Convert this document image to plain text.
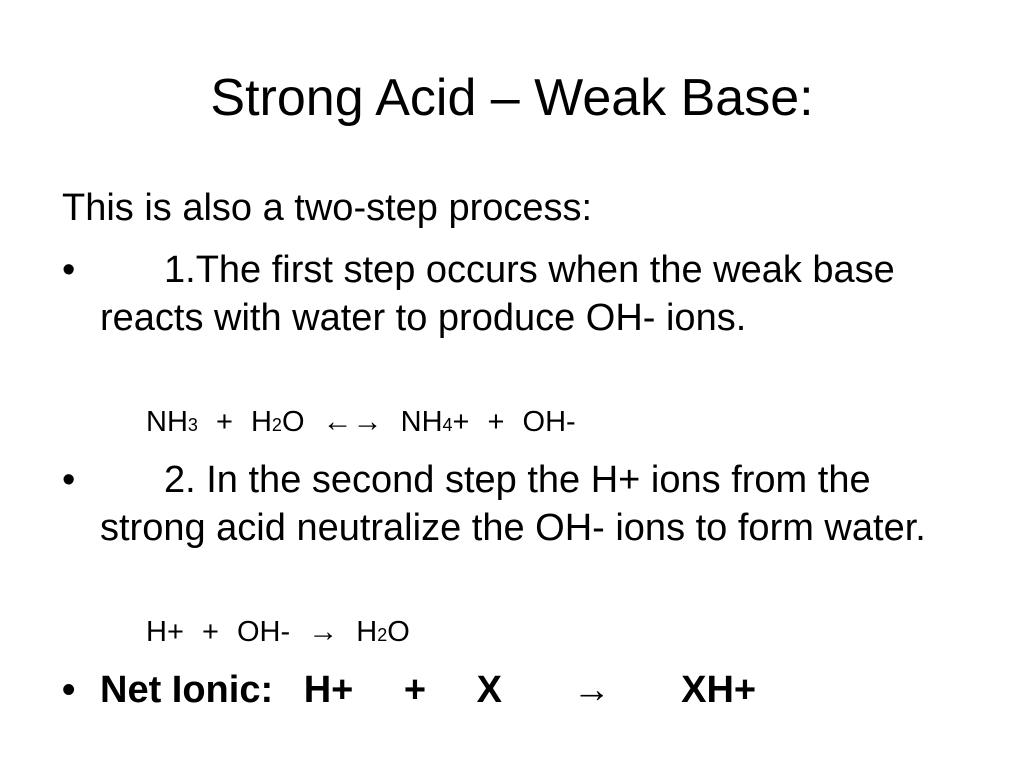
Strong Acid – Weak Base:
This is also a two-step process:
•	1.The first step occurs when the weak base reacts with water to produce OH- ions.
NH3 + H2O ←→ NH4+ + OH-
•	2. In the second step the H+ ions from the strong acid neutralize the OH- ions to form water.
H+ + OH- → H2O
• Net Ionic: H+ + X → XH+
